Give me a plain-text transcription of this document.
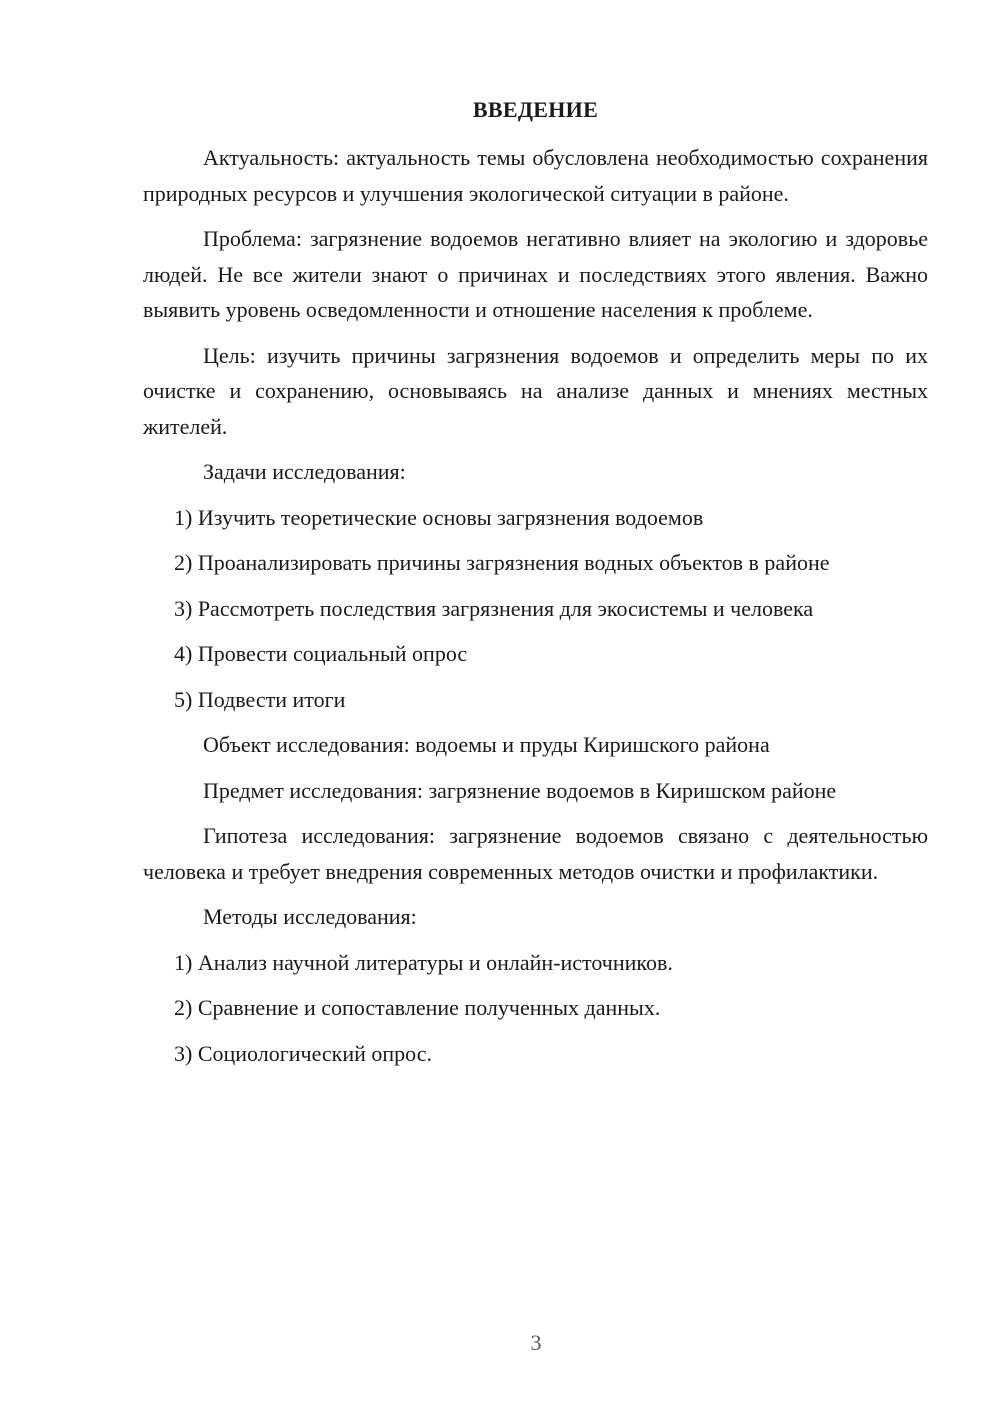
ВВЕДЕНИЕ

Актуальность: актуальность темы обусловлена необходимостью сохранения природных ресурсов и улучшения экологической ситуации в районе.

Проблема: загрязнение водоемов негативно влияет на экологию и здоровье людей. Не все жители знают о причинах и последствиях этого явления. Важно выявить уровень осведомленности и отношение населения к проблеме.

Цель: изучить причины загрязнения водоемов и определить меры по их очистке и сохранению, основываясь на анализе данных и мнениях местных жителей.

Задачи исследования:
1) Изучить теоретические основы загрязнения водоемов
2) Проанализировать причины загрязнения водных объектов в районе
3) Рассмотреть последствия загрязнения для экосистемы и человека
4) Провести социальный опрос
5) Подвести итоги
Объект исследования: водоемы и пруды Киришского района
Предмет исследования: загрязнение водоемов в Киришском районе

Гипотеза исследования: загрязнение водоемов связано с деятельностью человека и требует внедрения современных методов очистки и профилактики.

Методы исследования:
1) Анализ научной литературы и онлайн-источников.
2) Сравнение и сопоставление полученных данных.
3) Социологический опрос.
3
